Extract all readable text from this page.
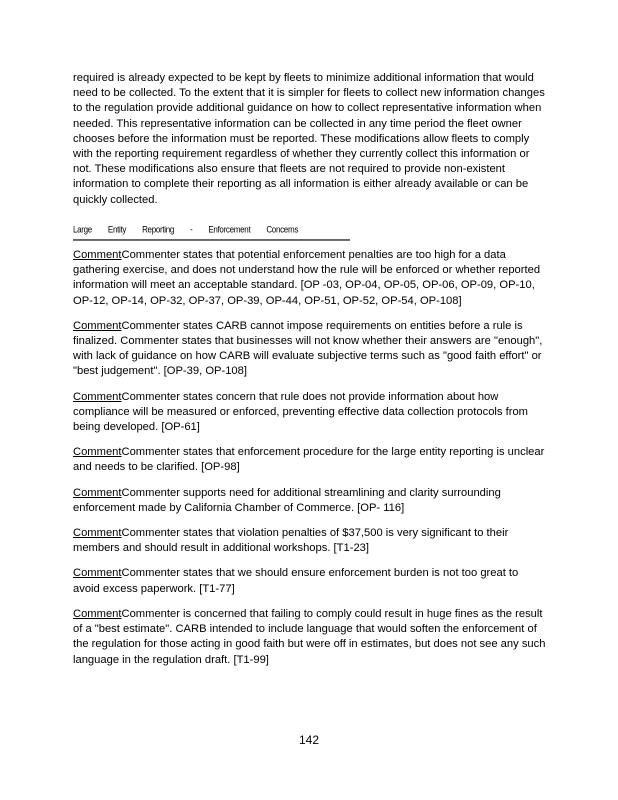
required is already expected to be kept by fleets to minimize additional information that would need to be collected. To the extent that it is simpler for fleets to collect new information changes to the regulation provide additional guidance on how to collect representative information when needed. This representative information can be collected in any time period the fleet owner chooses before the information must be reported. These modifications allow fleets to comply with the reporting requirement regardless of whether they currently collect this information or not. These modifications also ensure that fleets are not required to provide non-existent information to complete their reporting as all information is either already available or can be quickly collected.

Large Entity Reporting - Enforcement Concerns
CommentCommenter states that potential enforcement penalties are too high for a data gathering exercise, and does not understand how the rule will be enforced or whether reported information will meet an acceptable standard. [OP -03, OP-04, OP-05, OP-06, OP-09, OP-10, OP-12, OP-14, OP-32, OP-37, OP-39, OP-44, OP-51, OP-52, OP-54, OP-108]
CommentCommenter states CARB cannot impose requirements on entities before a rule is finalized. Commenter states that businesses will not know whether their answers are "enough", with lack of guidance on how CARB will evaluate subjective terms such as "good faith effort" or "best judgement". [OP-39, OP-108]
CommentCommenter states concern that rule does not provide information about how compliance will be measured or enforced, preventing effective data collection protocols from being developed. [OP-61]
CommentCommenter states that enforcement procedure for the large entity reporting is unclear and needs to be clarified. [OP-98]
CommentCommenter supports need for additional streamlining and clarity surrounding enforcement made by California Chamber of Commerce. [OP- 116]
CommentCommenter states that violation penalties of $37,500 is very significant to their members and should result in additional workshops. [T1-23]
CommentCommenter states that we should ensure enforcement burden is not too great to avoid excess paperwork. [T1-77]
CommentCommenter is concerned that failing to comply could result in huge fines as the result of a "best estimate". CARB intended to include language that would soften the enforcement of the regulation for those acting in good faith but were off in estimates, but does not see any such language in the regulation draft. [T1-99]
142
